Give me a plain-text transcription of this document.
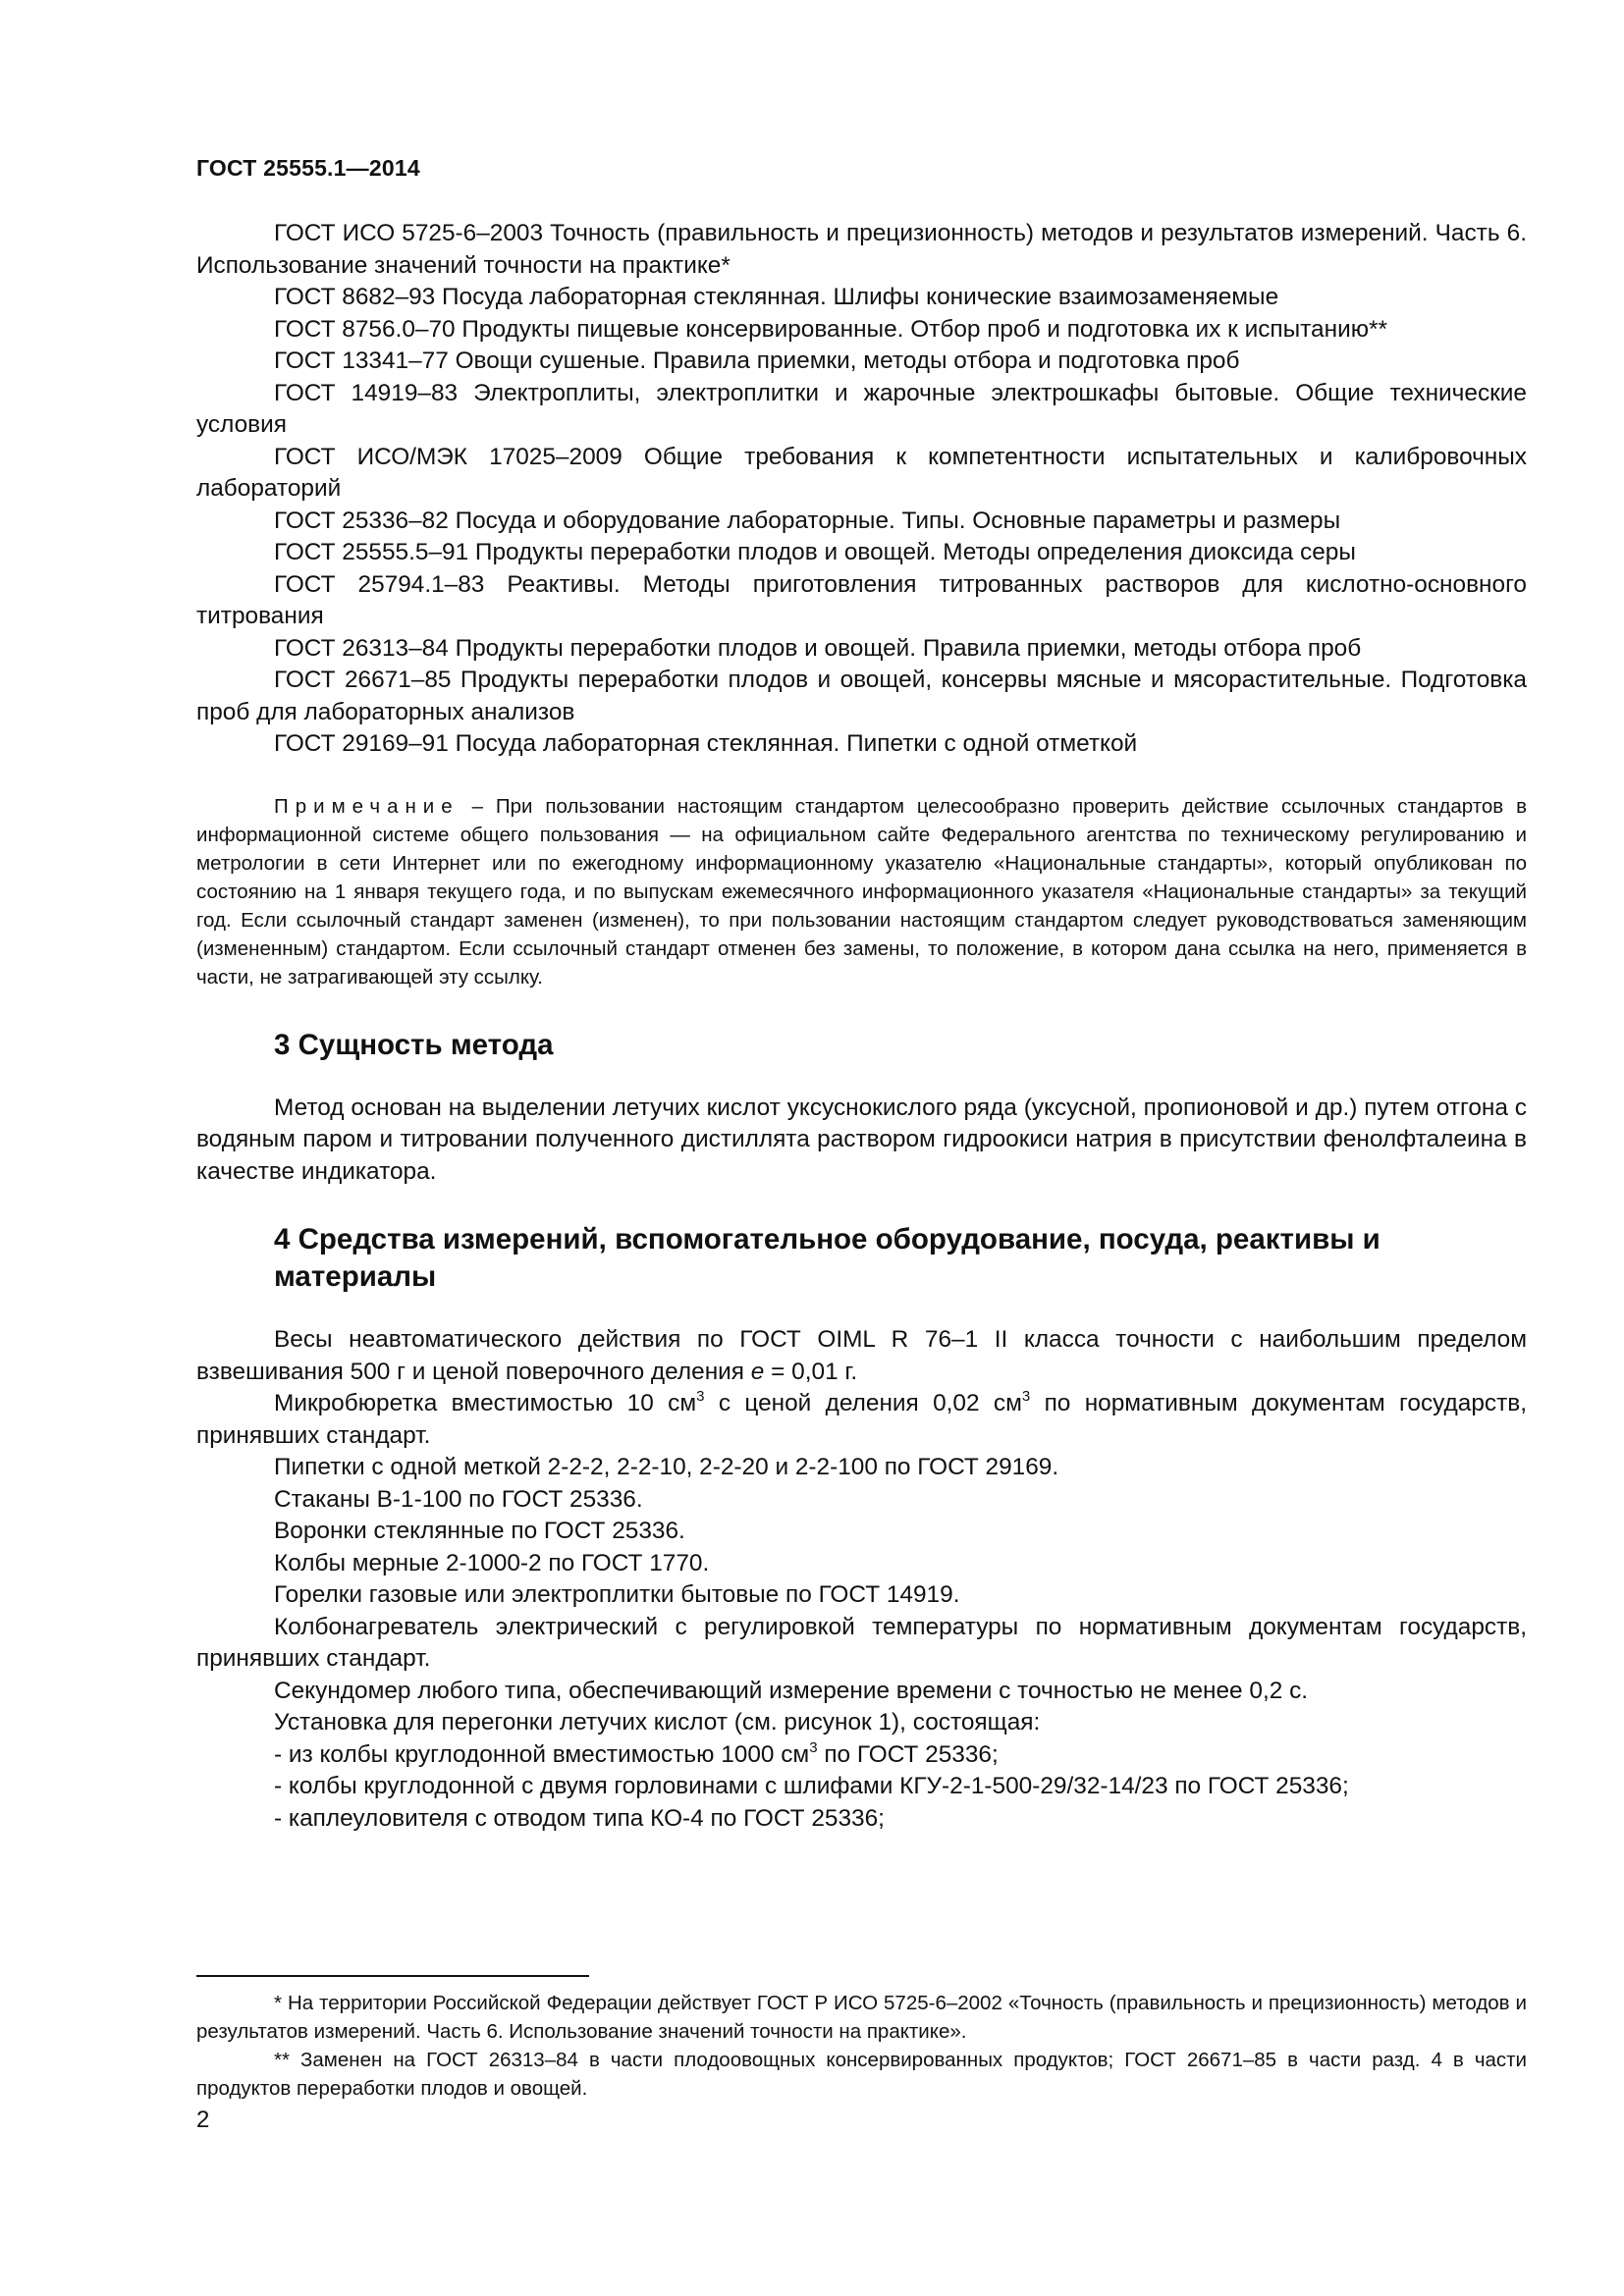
ГОСТ 25555.1—2014

ГОСТ ИСО 5725-6–2003 Точность (правильность и прецизионность) методов и результатов измерений. Часть 6. Использование значений точности на практике*

ГОСТ 8682–93 Посуда лабораторная стеклянная. Шлифы конические взаимозаменяемые

ГОСТ 8756.0–70 Продукты пищевые консервированные. Отбор проб и подготовка их к испытанию**

ГОСТ 13341–77 Овощи сушеные. Правила приемки, методы отбора и подготовка проб

ГОСТ 14919–83 Электроплиты, электроплитки и жарочные электрошкафы бытовые. Общие технические условия

ГОСТ ИСО/МЭК 17025–2009 Общие требования к компетентности испытательных и калибровочных лабораторий

ГОСТ 25336–82 Посуда и оборудование лабораторные. Типы. Основные параметры и размеры

ГОСТ 25555.5–91 Продукты переработки плодов и овощей. Методы определения диоксида серы

ГОСТ 25794.1–83 Реактивы. Методы приготовления титрованных растворов для кислотно-основного титрования

ГОСТ 26313–84 Продукты переработки плодов и овощей. Правила приемки, методы отбора проб

ГОСТ 26671–85 Продукты переработки плодов и овощей, консервы мясные и мясорастительные. Подготовка проб для лабораторных анализов

ГОСТ 29169–91 Посуда лабораторная стеклянная. Пипетки с одной отметкой

Примечание – При пользовании настоящим стандартом целесообразно проверить действие ссылочных стандартов в информационной системе общего пользования — на официальном сайте Федерального агентства по техническому регулированию и метрологии в сети Интернет или по ежегодному информационному указателю «Национальные стандарты», который опубликован по состоянию на 1 января текущего года, и по выпускам ежемесячного информационного указателя «Национальные стандарты» за текущий год. Если ссылочный стандарт заменен (изменен), то при пользовании настоящим стандартом следует руководствоваться заменяющим (измененным) стандартом. Если ссылочный стандарт отменен без замены, то положение, в котором дана ссылка на него, применяется в части, не затрагивающей эту ссылку.

3 Сущность метода

Метод основан на выделении летучих кислот уксуснокислого ряда (уксусной, пропионовой и др.) путем отгона с водяным паром и титровании полученного дистиллята раствором гидроокиси натрия в присутствии фенолфталеина в качестве индикатора.

4 Средства измерений, вспомогательное оборудование, посуда, реактивы и материалы

Весы неавтоматического действия по ГОСТ OIML R 76–1 II класса точности с наибольшим пределом взвешивания 500 г и ценой поверочного деления e = 0,01 г.

Микробюретка вместимостью 10 $см^3$ с ценой деления 0,02 $см^3$ по нормативным документам государств, принявших стандарт.

Пипетки с одной меткой 2-2-2, 2-2-10, 2-2-20 и 2-2-100 по ГОСТ 29169.

Стаканы В-1-100 по ГОСТ 25336.

Воронки стеклянные по ГОСТ 25336.

Колбы мерные 2-1000-2 по ГОСТ 1770.

Горелки газовые или электроплитки бытовые по ГОСТ 14919.

Колбонагреватель электрический с регулировкой температуры по нормативным документам государств, принявших стандарт.

Секундомер любого типа, обеспечивающий измерение времени с точностью не менее 0,2 с.

Установка для перегонки летучих кислот (см. рисунок 1), состоящая:

- из колбы круглодонной вместимостью 1000 $см^3$ по ГОСТ 25336;

- колбы круглодонной с двумя горловинами с шлифами КГУ-2-1-500-29/32-14/23 по ГОСТ 25336;

- каплеуловителя с отводом типа КО-4 по ГОСТ 25336;

* На территории Российской Федерации действует ГОСТ Р ИСО 5725-6–2002 «Точность (правильность и прецизионность) методов и результатов измерений. Часть 6. Использование значений точности на практике».

** Заменен на ГОСТ 26313–84 в части плодоовощных консервированных продуктов; ГОСТ 26671–85 в части разд. 4 в части продуктов переработки плодов и овощей.

2
